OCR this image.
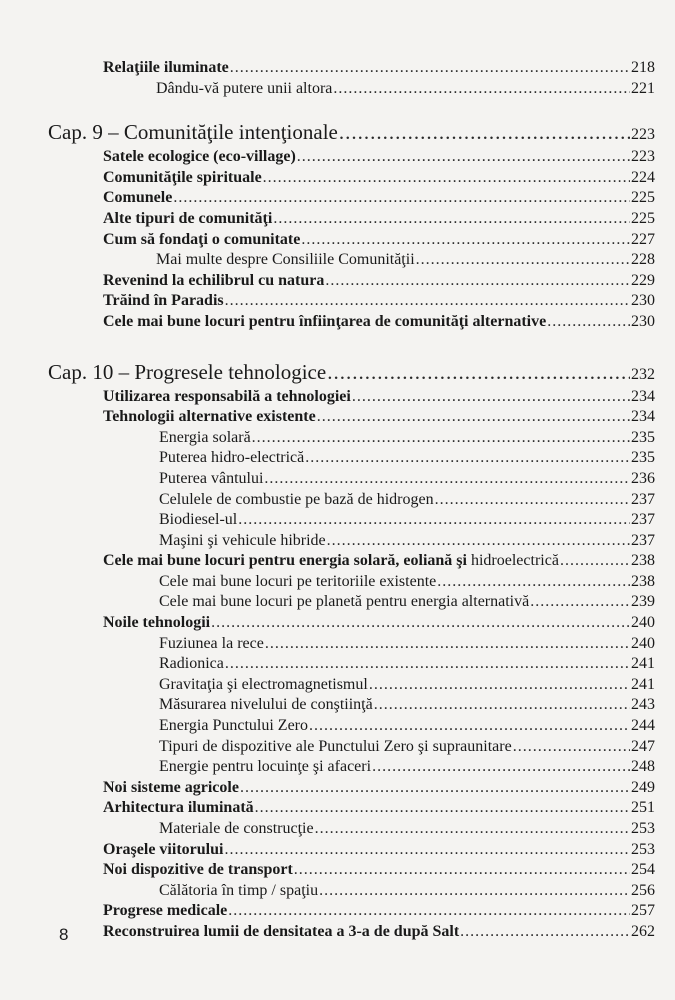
Relaţiile iluminate .....	218
Dându-vă putere unii altora .....	221
Cap. 9 – Comunităţile intenţionale .....	223
Satele ecologice (eco-village) .....	223
Comunităţile spirituale .....	224
Comunele .....	225
Alte tipuri de comunităţi .....	225
Cum să fondaţi o comunitate .....	227
Mai multe despre Consiliile Comunităţii .....	228
Revenind la echilibrul cu natura .....	229
Trăind în Paradis .....	230
Cele mai bune locuri pentru înfiinţarea de comunităţi alternative .....	230
Cap. 10 – Progresele tehnologice .....	232
Utilizarea responsabilă a tehnologiei .....	234
Tehnologii alternative existente .....	234
Energia solară .....	235
Puterea hidro-electrică .....	235
Puterea vântului .....	236
Celulele de combustie pe bază de hidrogen .....	237
Biodiesel-ul .....	237
Maşini şi vehicule hibride .....	237
Cele mai bune locuri pentru energia solară, eoliană şi hidroelectrică .....	238
Cele mai bune locuri pe teritoriile existente .....	238
Cele mai bune locuri pe planetă pentru energia alternativă .....	239
Noile tehnologii .....	240
Fuziunea la rece .....	240
Radionica .....	241
Gravitaţia şi electromagnetismul .....	241
Măsurarea nivelului de conştiinţă .....	243
Energia Punctului Zero .....	244
Tipuri de dispozitive ale Punctului Zero şi supraunitare .....	247
Energie pentru locuinţe şi afaceri .....	248
Noi sisteme agricole .....	249
Arhitectura iluminată .....	251
Materiale de construcţie .....	253
Oraşele viitorului .....	253
Noi dispozitive de transport .....	254
Călătoria în timp / spaţiu .....	256
Progrese medicale .....	257
Reconstruirea lumii de densitatea a 3-a de după Salt .....	262
8
